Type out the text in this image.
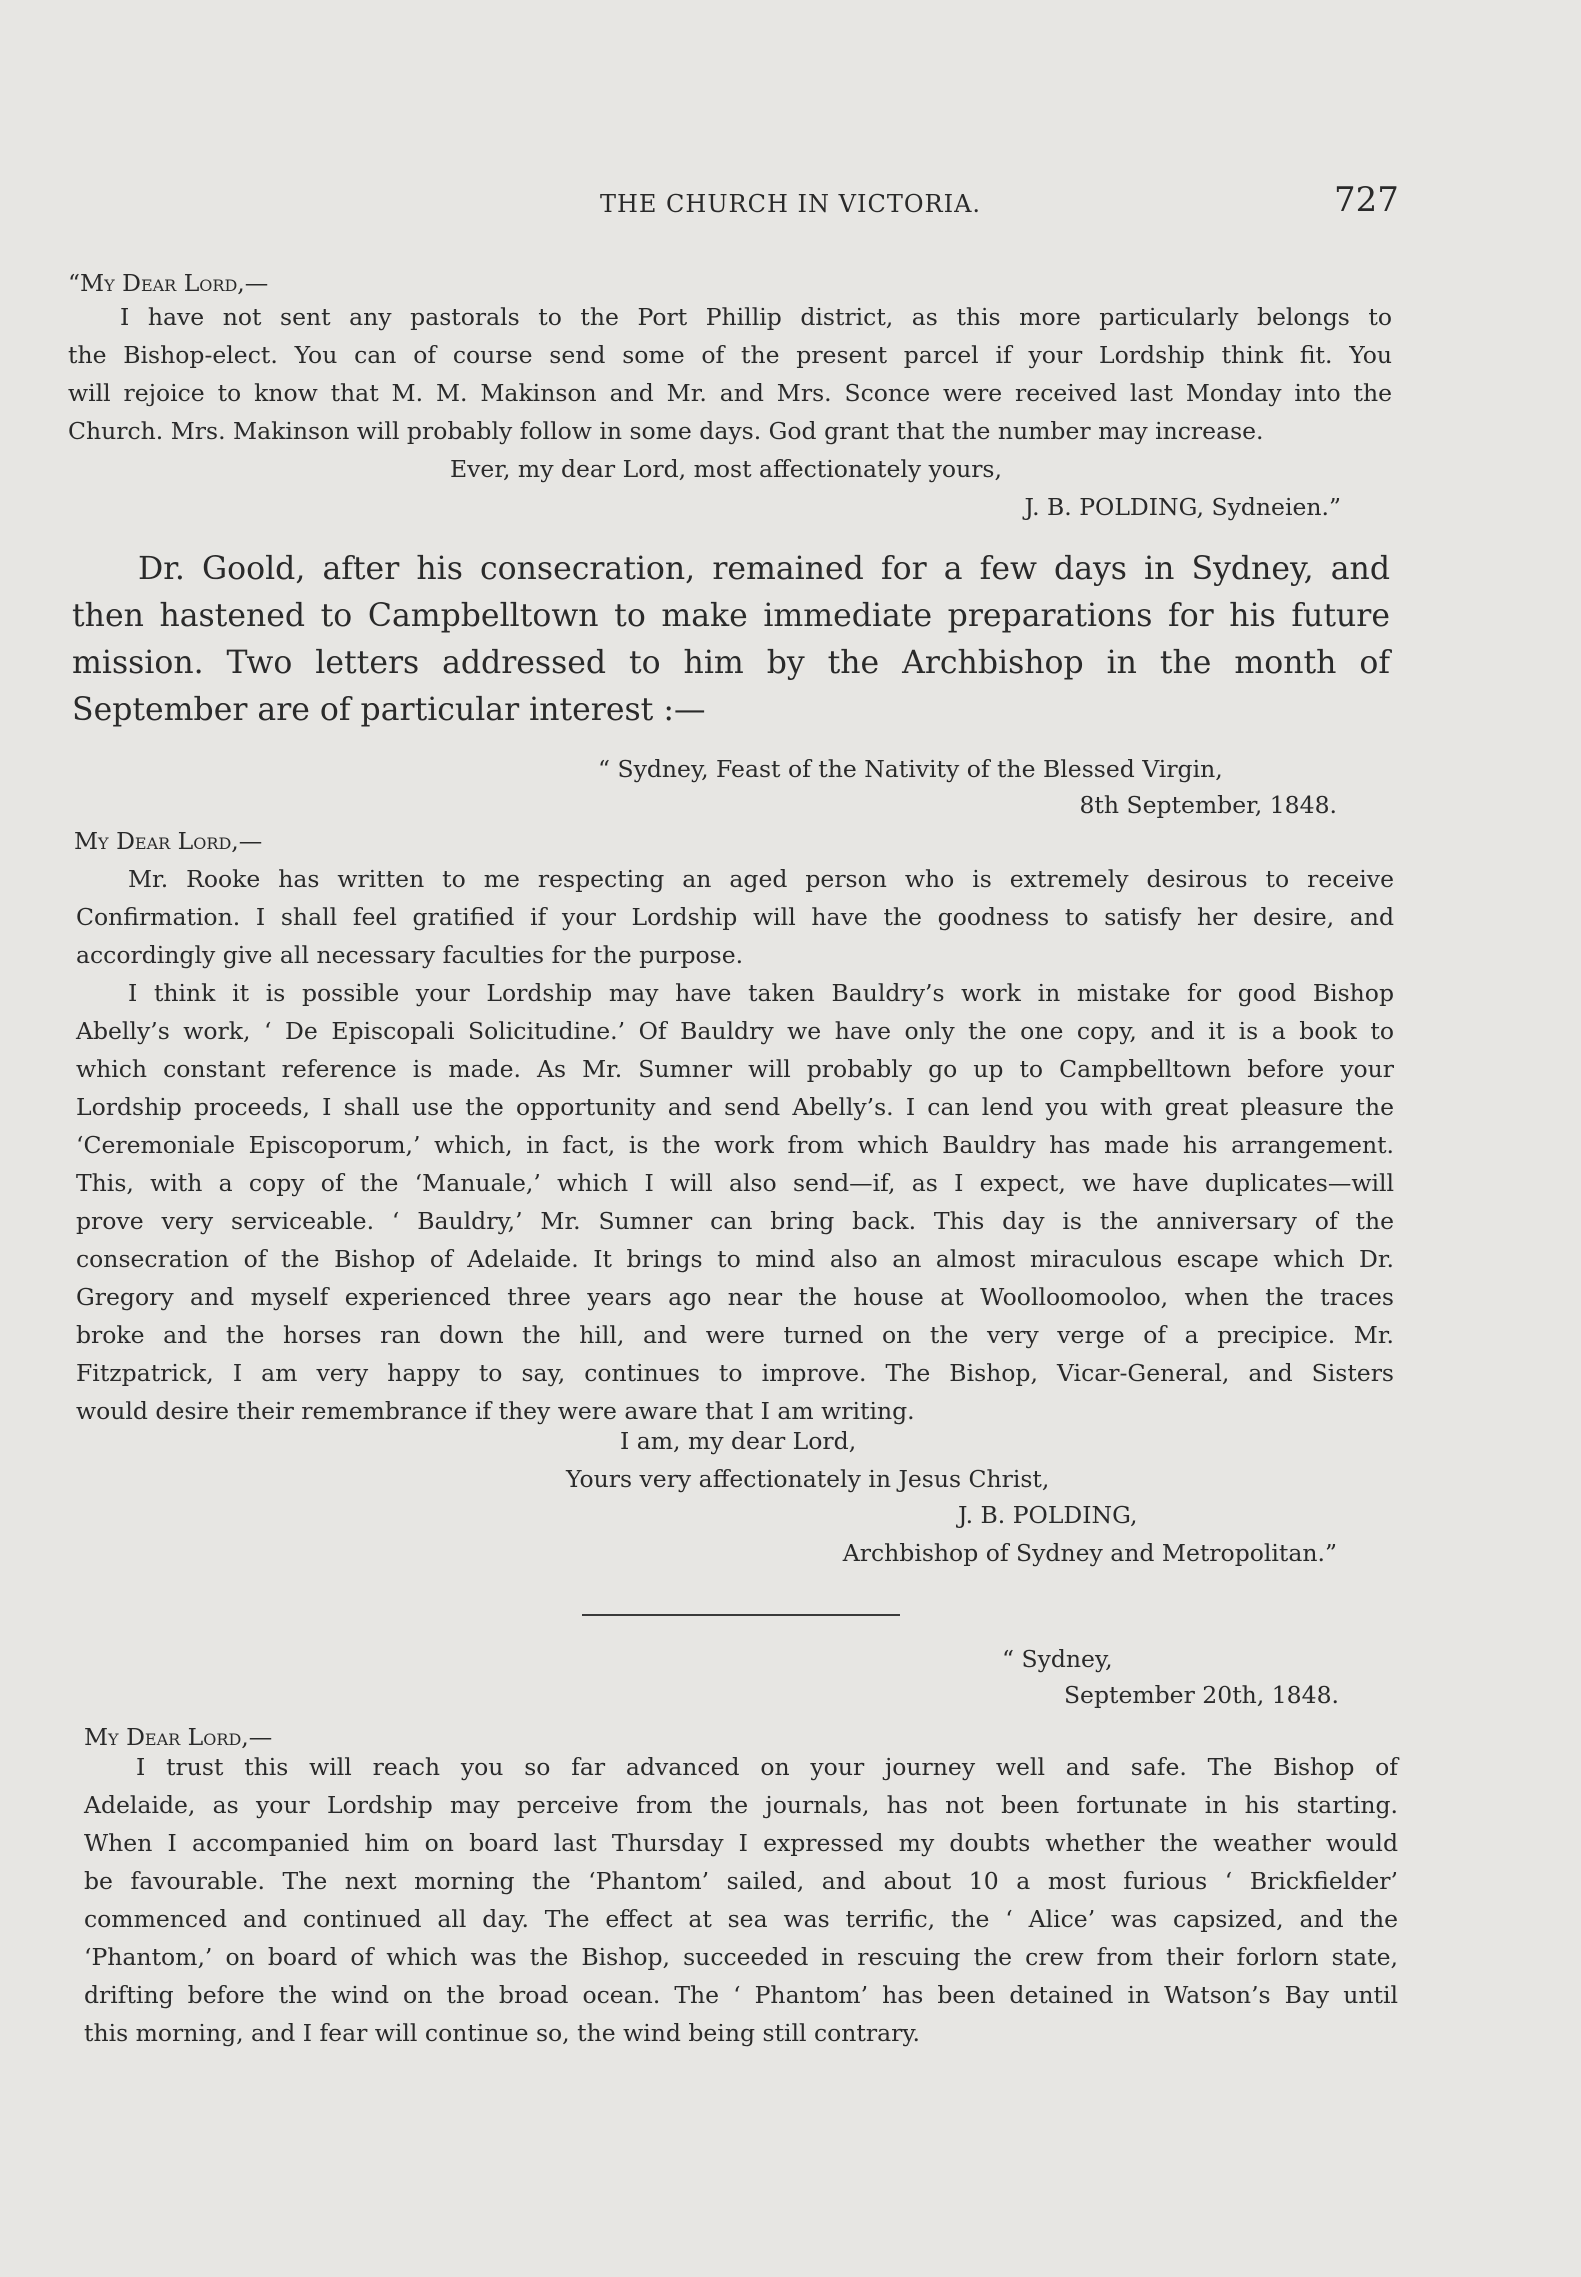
THE CHURCH IN VICTORIA.	727
“My Dear Lord,—
I have not sent any pastorals to the Port Phillip district, as this more particularly belongs to
the Bishop-elect. You can of course send some of the present parcel if your Lordship think fit. You
will rejoice to know that M. M. Makinson and Mr. and Mrs. Sconce were received last Monday into the
Church. Mrs. Makinson will probably follow in some days. God grant that the number may increase.
Ever, my dear Lord, most affectionately yours,
J. B. POLDING, Sydneien.”
Dr. Goold, after his consecration, remained for a few days in Sydney, and
then hastened to Campbelltown to make immediate preparations for his future
mission. Two letters addressed to him by the Archbishop in the month of
September are of particular interest :—
“ Sydney, Feast of the Nativity of the Blessed Virgin,
8th September, 1848.
My Dear Lord,—
Mr. Rooke has written to me respecting an aged person who is extremely desirous to receive
Confirmation. I shall feel gratified if your Lordship will have the goodness to satisfy her desire, and
accordingly give all necessary faculties for the purpose.
I think it is possible your Lordship may have taken Bauldry’s work in mistake for good Bishop
Abelly’s work, ‘ De Episcopali Solicitudine.’ Of Bauldry we have only the one copy, and it is a book to
which constant reference is made. As Mr. Sumner will probably go up to Campbelltown before your
Lordship proceeds, I shall use the opportunity and send Abelly’s. I can lend you with great pleasure the
‘Ceremoniale Episcoporum,’ which, in fact, is the work from which Bauldry has made his arrangement.
This, with a copy of the ‘Manuale,’ which I will also send—if, as I expect, we have duplicates—will
prove very serviceable. ‘ Bauldry,’ Mr. Sumner can bring back. This day is the anniversary of the
consecration of the Bishop of Adelaide. It brings to mind also an almost miraculous escape which Dr.
Gregory and myself experienced three years ago near the house at Woolloomooloo, when the traces
broke and the horses ran down the hill, and were turned on the very verge of a precipice. Mr.
Fitzpatrick, I am very happy to say, continues to improve. The Bishop, Vicar-General, and Sisters
would desire their remembrance if they were aware that I am writing.
I am, my dear Lord,
Yours very affectionately in Jesus Christ,
J. B. POLDING,
Archbishop of Sydney and Metropolitan.”
“ Sydney,
September 20th, 1848.
My Dear Lord,—
I trust this will reach you so far advanced on your journey well and safe. The Bishop of
Adelaide, as your Lordship may perceive from the journals, has not been fortunate in his starting.
When I accompanied him on board last Thursday I expressed my doubts whether the weather would
be favourable. The next morning the ‘Phantom’ sailed, and about 10 a most furious ‘ Brickfielder’
commenced and continued all day. The effect at sea was terrific, the ‘ Alice’ was capsized, and the
‘Phantom,’ on board of which was the Bishop, succeeded in rescuing the crew from their forlorn state,
drifting before the wind on the broad ocean. The ‘ Phantom’ has been detained in Watson’s Bay until
this morning, and I fear will continue so, the wind being still contrary.
